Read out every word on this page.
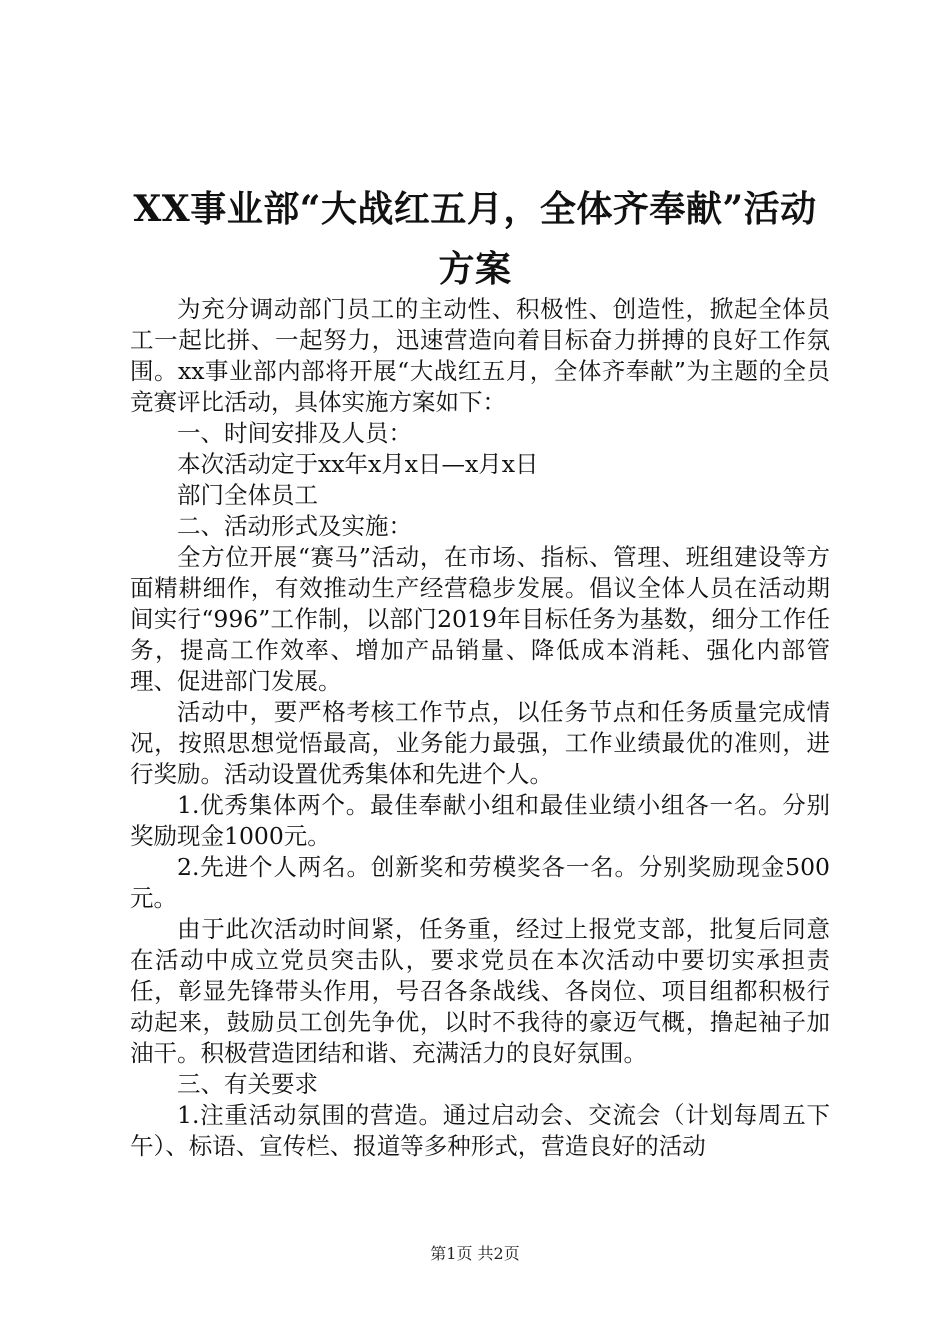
XX事业部“大战红五月，全体齐奉献”活动
方案

为充分调动部门员工的主动性、积极性、创造性，掀起全体员工一起比拼、一起努力，迅速营造向着目标奋力拼搏的良好工作氛围。xx事业部内部将开展“大战红五月，全体齐奉献”为主题的全员竞赛评比活动，具体实施方案如下：

一、时间安排及人员：

本次活动定于xx年x月x日—x月x日

部门全体员工

二、活动形式及实施：

全方位开展“赛马”活动，在市场、指标、管理、班组建设等方面精耕细作，有效推动生产经营稳步发展。倡议全体人员在活动期间实行“996”工作制，以部门2019年目标任务为基数，细分工作任务，提高工作效率、增加产品销量、降低成本消耗、强化内部管理、促进部门发展。

活动中，要严格考核工作节点，以任务节点和任务质量完成情况，按照思想觉悟最高，业务能力最强，工作业绩最优的准则，进行奖励。活动设置优秀集体和先进个人。

1.优秀集体两个。最佳奉献小组和最佳业绩小组各一名。分别奖励现金1000元。

2.先进个人两名。创新奖和劳模奖各一名。分别奖励现金500元。

由于此次活动时间紧，任务重，经过上报党支部，批复后同意在活动中成立党员突击队，要求党员在本次活动中要切实承担责任，彰显先锋带头作用，号召各条战线、各岗位、项目组都积极行动起来，鼓励员工创先争优，以时不我待的豪迈气概，撸起袖子加油干。积极营造团结和谐、充满活力的良好氛围。

三、有关要求

1.注重活动氛围的营造。通过启动会、交流会（计划每周五下午）、标语、宣传栏、报道等多种形式，营造良好的活动

第1页 共2页
